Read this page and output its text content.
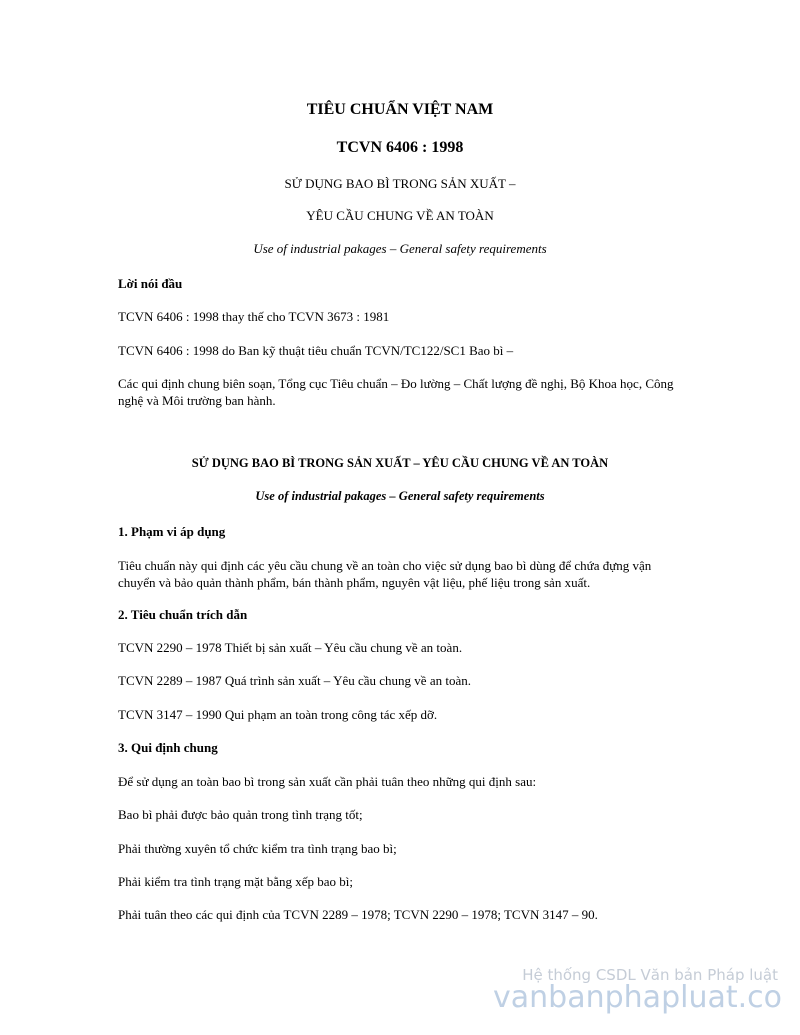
TIÊU CHUẨN VIỆT NAM
TCVN 6406 : 1998
SỬ DỤNG BAO BÌ TRONG SẢN XUẤT –
YÊU CẦU CHUNG VỀ AN TOÀN
Use of industrial pakages – General safety requirements

Lời nói đầu

TCVN 6406 : 1998 thay thế cho TCVN 3673 : 1981

TCVN 6406 : 1998 do Ban kỹ thuật tiêu chuẩn TCVN/TC122/SC1 Bao bì –

Các qui định chung biên soạn, Tổng cục Tiêu chuẩn – Đo lường – Chất lượng đề nghị, Bộ Khoa học, Công nghệ và Môi trường ban hành.

SỬ DỤNG BAO BÌ TRONG SẢN XUẤT – YÊU CẦU CHUNG VỀ AN TOÀN
Use of industrial pakages – General safety requirements

1. Phạm vi áp dụng

Tiêu chuẩn này qui định các yêu cầu chung về an toàn cho việc sử dụng bao bì dùng để chứa đựng vận chuyển và bảo quản thành phẩm, bán thành phẩm, nguyên vật liệu, phế liệu trong sản xuất.

2. Tiêu chuẩn trích dẫn

TCVN 2290 – 1978 Thiết bị sản xuất – Yêu cầu chung về an toàn.

TCVN 2289 – 1987 Quá trình sản xuất – Yêu cầu chung về an toàn.

TCVN 3147 – 1990 Qui phạm an toàn trong công tác xếp dỡ.

3. Qui định chung

Để sử dụng an toàn bao bì trong sản xuất cần phải tuân theo những qui định sau:

Bao bì phải được bảo quản trong tình trạng tốt;

Phải thường xuyên tổ chức kiểm tra tình trạng bao bì;

Phải kiểm tra tình trạng mặt bằng xếp bao bì;

Phải tuân theo các qui định của TCVN 2289 – 1978; TCVN 2290 – 1978; TCVN 3147 – 90.

Hệ thống CSDL Văn bản Pháp luật
vanbanphapluat.co
